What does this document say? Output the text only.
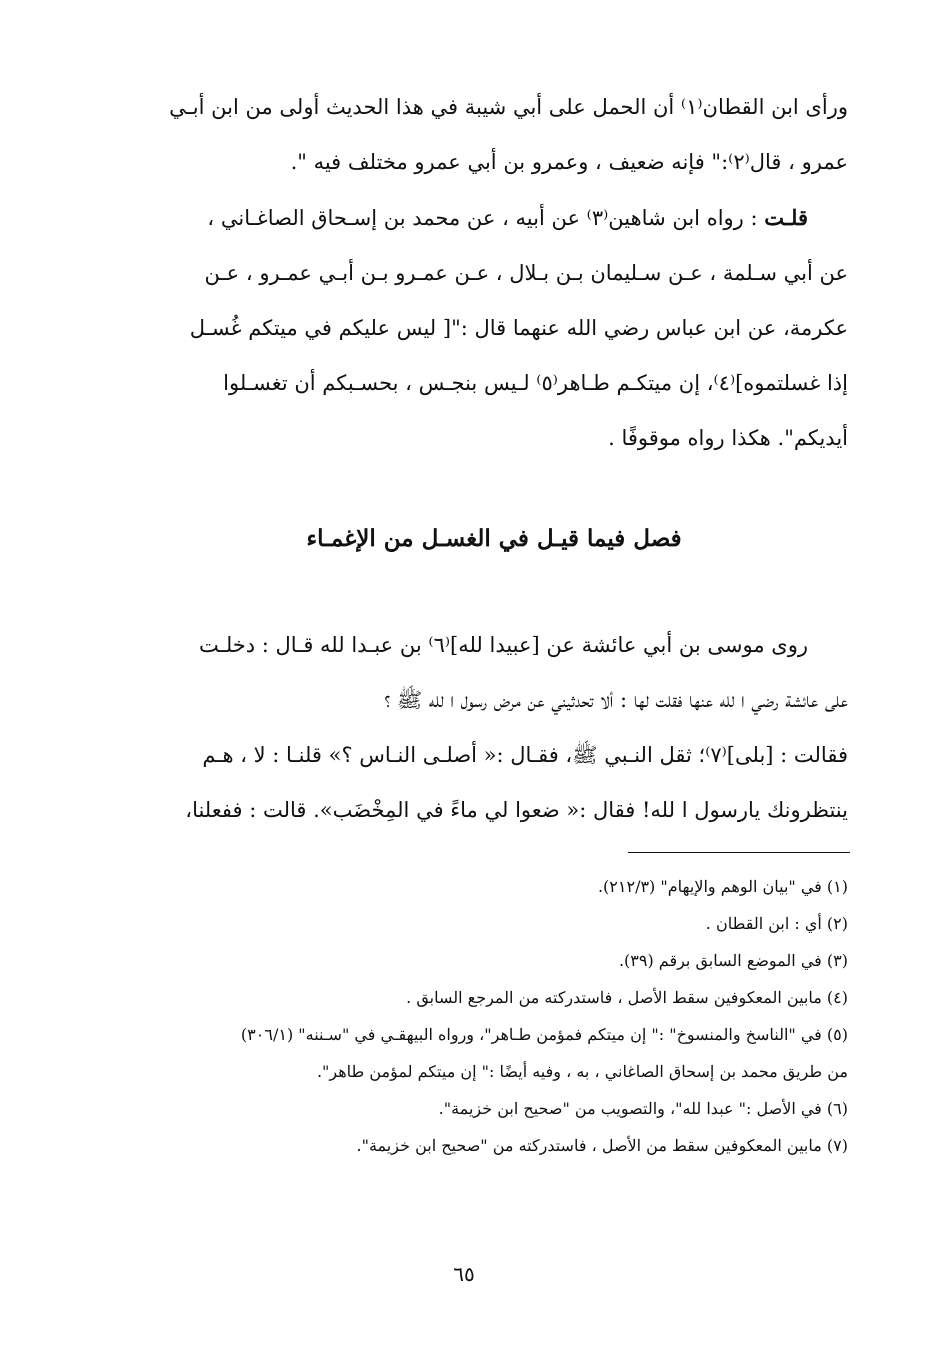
ورأى ابن القطان⁽١⁾ أن الحمل على أبي شيبة في هذا الحديث أولى من ابن أبـي

عمرو ، قال⁽٢⁾:" فإنه ضعيف ، وعمرو بن أبي عمرو مختلف فيه ".

قلـت : رواه ابن شاهين⁽٣⁾ عن أبيه ، عن محمد بن إسـحاق الصاغـاني ،

عن أبي سـلمة ، عـن سـليمان بـن بـلال ، عـن عمـرو بـن أبـي عمـرو ، عـن

عكرمة، عن ابن عباس رضي الله عنهما قال :"[ ليس عليكم في ميتكم غُسـل

إذا غسلتموه]⁽٤⁾، إن ميتكـم طـاهر⁽٥⁾ لـيس بنجـس ، بحسـبكم أن تغسـلوا

أيديكم". هكذا رواه موقوفًا .

فصل فيما قيـل في الغسـل من الإغمـاء

روى موسى بن أبي عائشة عن [عبيدا لله]⁽٦⁾ بن عبـدا لله قـال : دخلـت

على عائشة رضي ا لله عنها فقلت لها : ألا تحدثيني عن مرض رسول ا لله ﷺ ؟

فقالت : [بلى]⁽٧⁾؛ ثقل النـبي ﷺ، فقـال :« أصلـى النـاس ؟» قلنـا : لا ، هـم

ينتظرونك يارسول ا لله! فقال :« ضعوا لي ماءً في المِخْضَب». قالت : ففعلنا،

(١) في "بيان الوهم والإيهام" (٢١٢/٣).
(٢) أي : ابن القطان .
(٣) في الموضع السابق برقم (٣٩).
(٤) مابين المعكوفين سقط الأصل ، فاستدركته من المرجع السابق .
(٥) في "الناسخ والمنسوخ" :" إن ميتكم فمؤمن طـاهر"، ورواه البيهقـي في "سـننه" (٣٠٦/١)
من طريق محمد بن إسحاق الصاغاني ، به ، وفيه أيضًا :" إن ميتكم لمؤمن طاهر".
(٦) في الأصل :" عبدا لله"، والتصويب من "صحيح ابن خزيمة".
(٧) مابين المعكوفين سقط من الأصل ، فاستدركته من "صحيح ابن خزيمة".
٦٥
